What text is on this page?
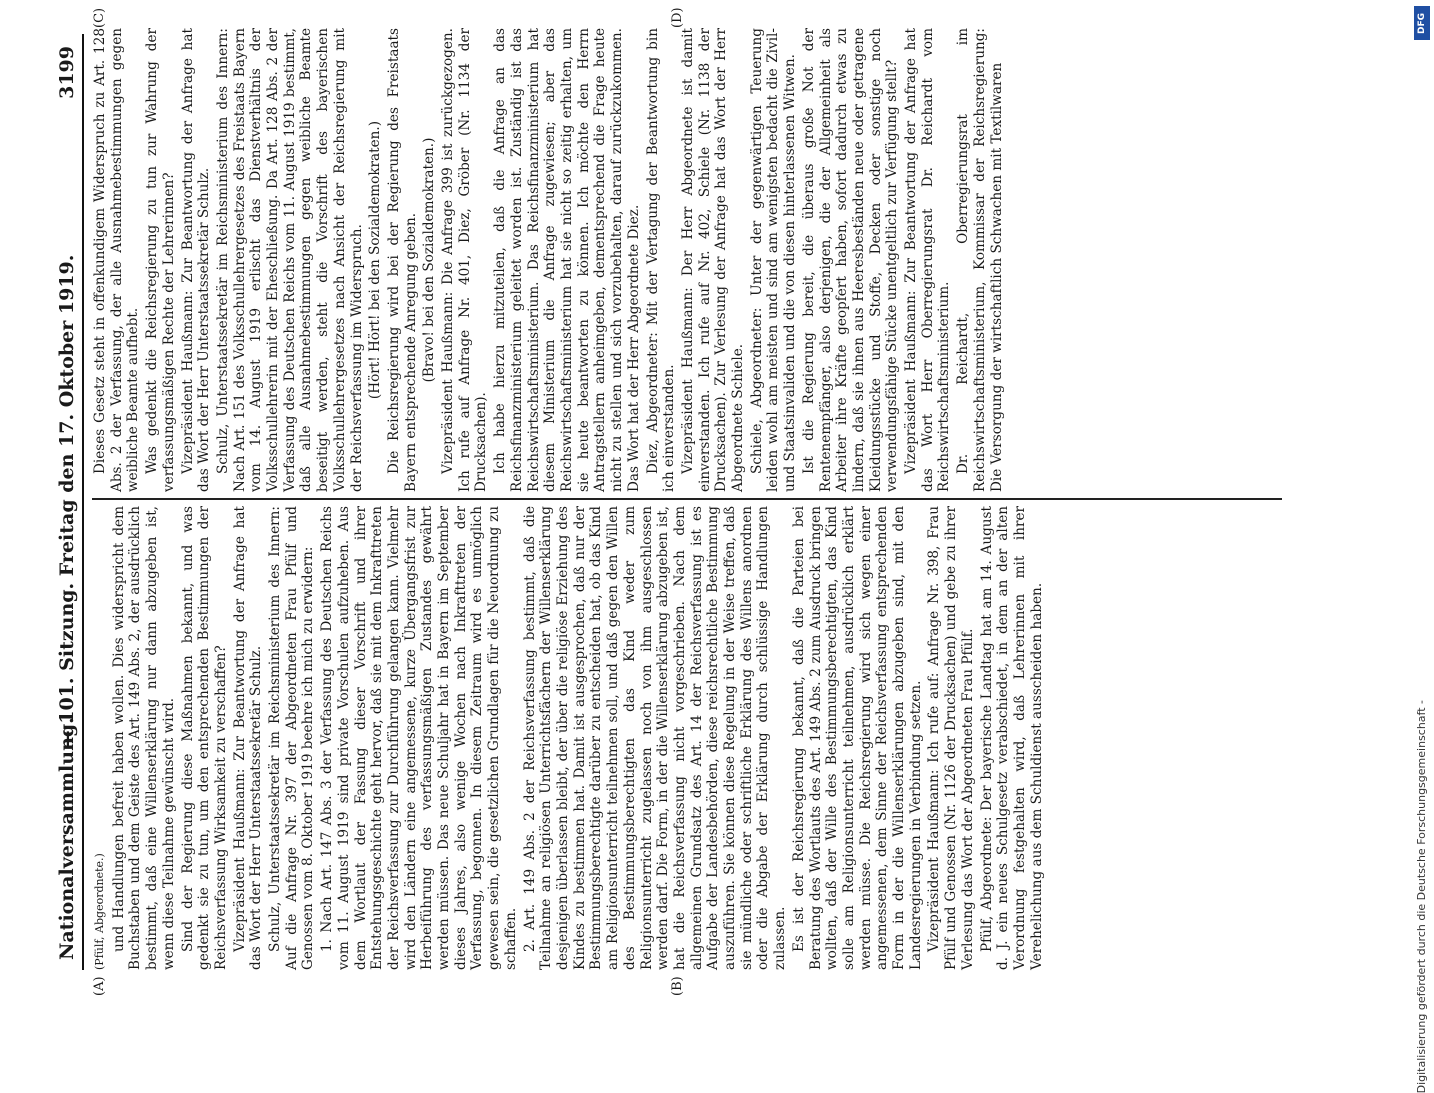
Nationalversammlung.
— 101. Sitzung. Freitag den 17. Oktober 1919.
3199
(A)	(B)
(C)	(D)

(Pfülf, Abgeordnete.) und Handlungen befreit haben wollen. Dies widerspricht dem Buchstaben und dem Geiste des Art. 149 Abs. 2, der ausdrücklich bestimmt, daß eine Willenserklärung nur dann abzugeben ist, wenn diese Teilnahme gewünscht wird. Sind der Regierung diese Maßnahmen bekannt, und was gedenkt sie zu tun, um den entsprechenden Bestimmungen der Reichsverfassung Wirksamkeit zu verschaffen? Vizepräsident Haußmann: Zur Beantwortung der Anfrage hat das Wort der Herr Unterstaatssekretär Schulz. Schulz, Unterstaatssekretär im Reichsministerium des Innern: Auf die Anfrage Nr. 397 der Abgeordneten Frau Pfülf und Genossen vom 8. Oktober 1919 beehre ich mich zu erwidern: 1. Nach Art. 147 Abs. 3 der Verfassung des Deutschen Reichs vom 11. August 1919 sind private Vorschulen aufzuheben. Aus dem Wortlaut der Fassung dieser Vorschrift und ihrer Entstehungsgeschichte geht hervor, daß sie mit dem Inkrafttreten der Reichsverfassung zur Durchführung gelangen kann. Vielmehr wird den Ländern eine angemessene, kurze Übergangsfrist zur Herbeiführung des verfassungsmäßigen Zustandes gewährt werden müssen. Das neue Schuljahr hat in Bayern im September dieses Jahres, also wenige Wochen nach Inkrafttreten der Verfassung, begonnen. In diesem Zeitraum wird es unmöglich gewesen sein, die gesetzlichen Grundlagen für die Neuordnung zu schaffen. 2. Art. 149 Abs. 2 der Reichsverfassung bestimmt, daß die Teilnahme an religiösen Unterrichtsfächern der Willenserklärung desjenigen überlassen bleibt, der über die religiöse Erziehung des Kindes zu bestimmen hat. Damit ist ausgesprochen, daß nur der Bestimmungsberechtigte darüber zu entscheiden hat, ob das Kind am Religionsunterricht teilnehmen soll, und daß gegen den Willen des Bestimmungsberechtigten das Kind weder zum Religionsunterricht zugelassen noch von ihm ausgeschlossen werden darf. Die Form, in der die Willenserklärung abzugeben ist, hat die Reichsverfassung nicht vorgeschrieben. Nach dem allgemeinen Grundsatz des Art. 14 der Reichsverfassung ist es Aufgabe der Landesbehörden, diese reichsrechtliche Bestimmung auszuführen. Sie können diese Regelung in der Weise treffen, daß sie mündliche oder schriftliche Erklärung des Willens anordnen oder die Abgabe der Erklärung durch schlüssige Handlungen zulassen. Es ist der Reichsregierung bekannt, daß die Parteien bei Beratung des Wortlauts des Art. 149 Abs. 2 zum Ausdruck bringen wollten, daß der Wille des Bestimmungsberechtigten, das Kind solle am Religionsunterricht teilnehmen, ausdrücklich erklärt werden müsse. Die Reichsregierung wird sich wegen einer angemessenen, dem Sinne der Reichsverfassung entsprechenden Form in der die Willenserklärungen abzugeben sind, mit den Landesregierungen in Verbindung setzen. Vizepräsident Haußmann: Ich rufe auf: Anfrage Nr. 398, Frau Pfülf und Genossen (Nr. 1126 der Drucksachen) und gebe zu ihrer Verlesung das Wort der Abgeordneten Frau Pfülf. Pfülf, Abgeordnete: Der bayerische Landtag hat am 14. August d. J. ein neues Schulgesetz verabschiedet, in dem an der alten Verordnung festgehalten wird, daß Lehrerinnen mit ihrer Verehelichung aus dem Schuldienst ausscheiden haben.

Dieses Gesetz steht in offenkundigem Widerspruch zu Art. 128 Abs. 2 der Verfassung, der alle Ausnahmebestimmungen gegen weibliche Beamte aufhebt. Was gedenkt die Reichsregierung zu tun zur Wahrung der verfassungsmäßigen Rechte der Lehrerinnen? Vizepräsident Haußmann: Zur Beantwortung der Anfrage hat das Wort der Herr Unterstaatssekretär Schulz. Schulz, Unterstaatssekretär im Reichsministerium des Innern: Nach Art. 151 des Volksschullehrergesetzes des Freistaats Bayern vom 14. August 1919 erlischt das Dienstverhältnis der Volksschullehrerin mit der Eheschließung. Da Art. 128 Abs. 2 der Verfassung des Deutschen Reichs vom 11. August 1919 bestimmt, daß alle Ausnahmebestimmungen gegen weibliche Beamte beseitigt werden, steht die Vorschrift des bayerischen Volksschullehrergesetzes nach Ansicht der Reichsregierung mit der Reichsverfassung im Widerspruch. (Hört! Hört! bei den Sozialdemokraten.) Die Reichsregierung wird bei der Regierung des Freistaats Bayern entsprechende Anregung geben. (Bravo! bei den Sozialdemokraten.) Vizepräsident Haußmann: Die Anfrage 399 ist zurückgezogen. Ich rufe auf Anfrage Nr. 401, Diez, Gröber (Nr. 1134 der Drucksachen). Ich habe hierzu mitzuteilen, daß die Anfrage an das Reichsfinanzministerium geleitet worden ist. Zuständig ist das Reichswirtschaftsministerium. Das Reichsfinanzministerium hat diesem Ministerium die Anfrage zugewiesen; aber das Reichswirtschaftsministerium hat sie nicht so zeitig erhalten, um sie heute beantworten zu können. Ich möchte den Herrn Antragstellern anheimgeben, dementsprechend die Frage heute nicht zu stellen und sich vorzubehalten, darauf zurückzukommen. Das Wort hat der Herr Abgeordnete Diez. Diez, Abgeordneter: Mit der Vertagung der Beantwortung bin ich einverstanden. Vizepräsident Haußmann: Der Herr Abgeordnete ist damit einverstanden. Ich rufe auf Nr. 402, Schiele (Nr. 1138 der Drucksachen). Zur Verlesung der Anfrage hat das Wort der Herr Abgeordnete Schiele. Schiele, Abgeordneter: Unter der gegenwärtigen Teuerung leiden wohl am meisten und sind am wenigsten bedacht die Zivil- und Staatsinvaliden und die von diesen hinterlassenen Witwen. Ist die Regierung bereit, die überaus große Not der Rentenempfänger, also derjenigen, die der Allgemeinheit als Arbeiter ihre Kräfte geopfert haben, sofort dadurch etwas zu lindern, daß sie ihnen aus Heeresbeständen neue oder getragene Kleidungsstücke und Stoffe, Decken oder sonstige noch verwendungsfähige Stücke unentgeltlich zur Verfügung stellt? Vizepräsident Haußmann: Zur Beantwortung der Anfrage hat das Wort Herr Oberregierungsrat Dr. Reichardt vom Reichswirtschaftsministerium. Dr. Reichardt, Oberregierungsrat im Reichswirtschaftsministerium, Kommissar der Reichsregierung: Die Versorgung der wirtschaftlich Schwachen mit Textilwaren

DFG
Digitalisierung gefördert durch die Deutsche Forschungsgemeinschaft -
